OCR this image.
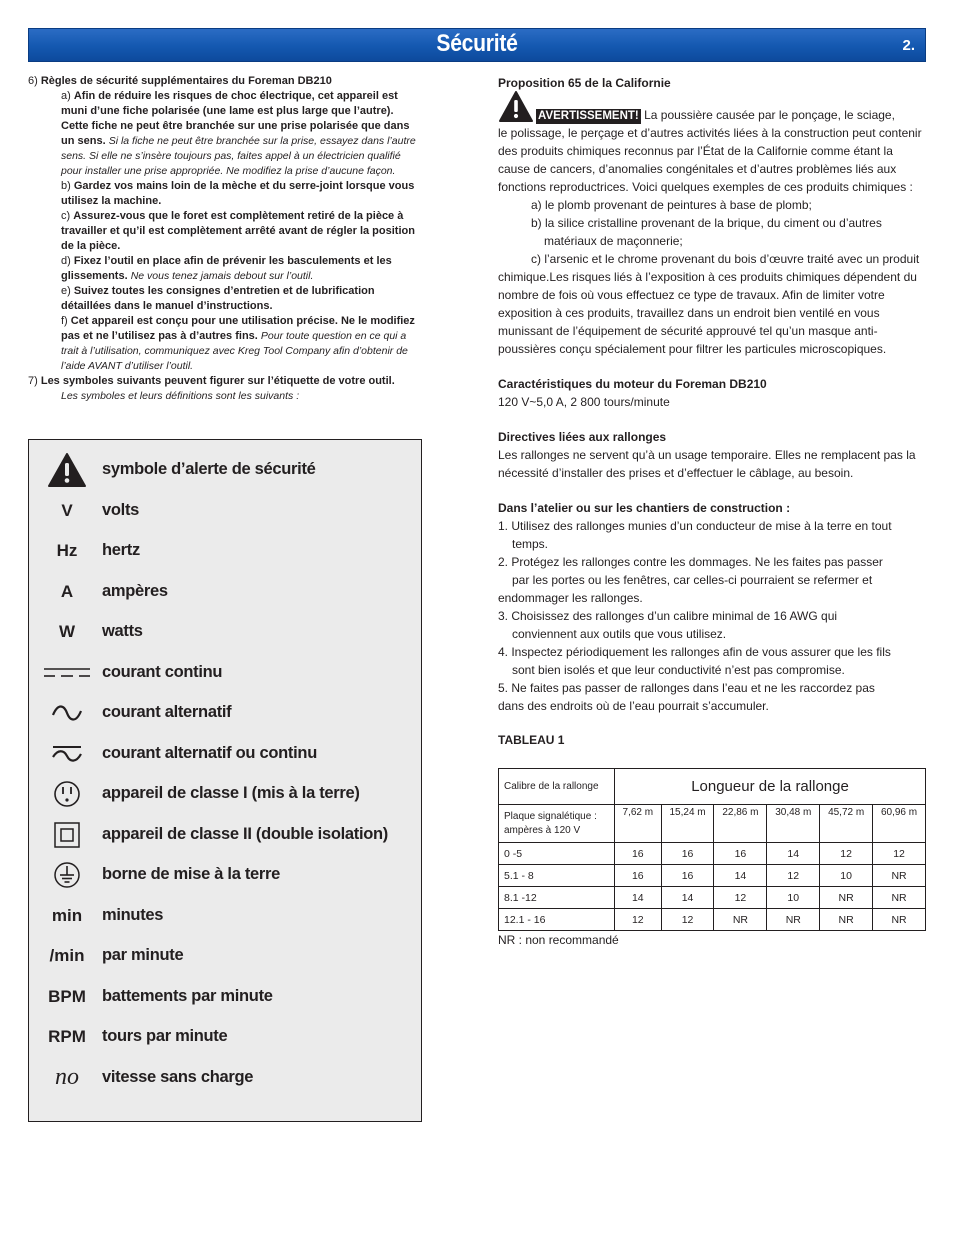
Sécurité	2.
6) Règles de sécurité supplémentaires du Foreman DB210
a) Afin de réduire les risques de choc électrique, cet appareil est muni d’une fiche polarisée (une lame est plus large que l’autre). Cette fiche ne peut être branchée sur une prise polarisée que dans un sens. Si la fiche ne peut être branchée sur la prise, essayez dans l’autre sens. Si elle ne s’insère toujours pas, faites appel à un électricien qualifié pour installer une prise appropriée. Ne modifiez la prise d’aucune façon.
b) Gardez vos mains loin de la mèche et du serre-joint lorsque vous utilisez la machine.
c) Assurez-vous que le foret est complètement retiré de la pièce à travailler et qu’il est complètement arrêté avant de régler la position de la pièce.
d) Fixez l’outil en place afin de prévenir les basculements et les glissements. Ne vous tenez jamais debout sur l’outil.
e) Suivez toutes les consignes d’entretien et de lubrification détaillées dans le manuel d’instructions.
f) Cet appareil est conçu pour une utilisation précise. Ne le modifiez pas et ne l’utilisez pas à d’autres fins. Pour toute question en ce qui a trait à l’utilisation, communiquez avec Kreg Tool Company afin d’obtenir de l’aide AVANT d’utiliser l’outil.
7) Les symboles suivants peuvent figurer sur l’étiquette de votre outil.
Les symboles et leurs définitions sont les suivants :
symbole d’alerte de sécurité
V	volts
Hz	hertz
A	ampères
W	watts
courant continu
courant alternatif
courant alternatif ou continu
appareil de classe I (mis à la terre)
appareil de classe II (double isolation)
borne de mise à la terre
min	minutes
/min	par minute
BPM battements par minute
RPM tours par minute
no	vitesse sans charge
Proposition 65 de la Californie
AVERTISSEMENT! La poussière causée par le ponçage, le sciage,
le polissage, le perçage et d’autres activités liées à la construction peut contenir des produits chimiques reconnus par l’État de la Californie comme étant la cause de cancers, d’anomalies congénitales et d’autres problèmes liés aux fonctions reproductrices. Voici quelques exemples de ces produits chimiques :
a) le plomb provenant de peintures à base de plomb;
b) la silice cristalline provenant de la brique, du ciment ou d’autres
matériaux de maçonnerie;
c) l’arsenic et le chrome provenant du bois d’œuvre traité avec un produit
chimique.Les risques liés à l’exposition à ces produits chimiques dépendent du nombre de fois où vous effectuez ce type de travaux. Afin de limiter votre exposition à ces produits, travaillez dans un endroit bien ventilé en vous munissant de l’équipement de sécurité approuvé tel qu’un masque anti-poussières conçu spécialement pour filtrer les particules microscopiques.
Caractéristiques du moteur du Foreman DB210
120 V~5,0 A, 2 800 tours/minute
Directives liées aux rallonges
Les rallonges ne servent qu’à un usage temporaire. Elles ne remplacent pas la nécessité d’installer des prises et d’effectuer le câblage, au besoin.
Dans l’atelier ou sur les chantiers de construction :
1. Utilisez des rallonges munies d’un conducteur de mise à la terre en tout
temps.
2. Protégez les rallonges contre les dommages. Ne les faites pas passer
par les portes ou les fenêtres, car celles-ci pourraient se refermer et
endommager les rallonges.
3. Choisissez des rallonges d’un calibre minimal de 16 AWG qui
conviennent aux outils que vous utilisez.
4. Inspectez périodiquement les rallonges afin de vous assurer que les fils
sont bien isolés et que leur conductivité n’est pas compromise.
5. Ne faites pas passer de rallonges dans l’eau et ne les raccordez pas
dans des endroits où de l’eau pourrait s’accumuler.
TABLEAU 1
Calibre de la rallonge	Longueur de la rallonge					
Plaque signalétique : ampères à 120 V	7,62 m	15,24 m	22,86 m	30,48 m	45,72 m	60,96 m
0 -5	16	16	16	14	12	12
5.1 - 8	16	16	14	12	10	NR
8.1 -12	14	14	12	10	NR	NR
12.1 - 16	12	12	NR	NR	NR	NR
NR : non recommandé
